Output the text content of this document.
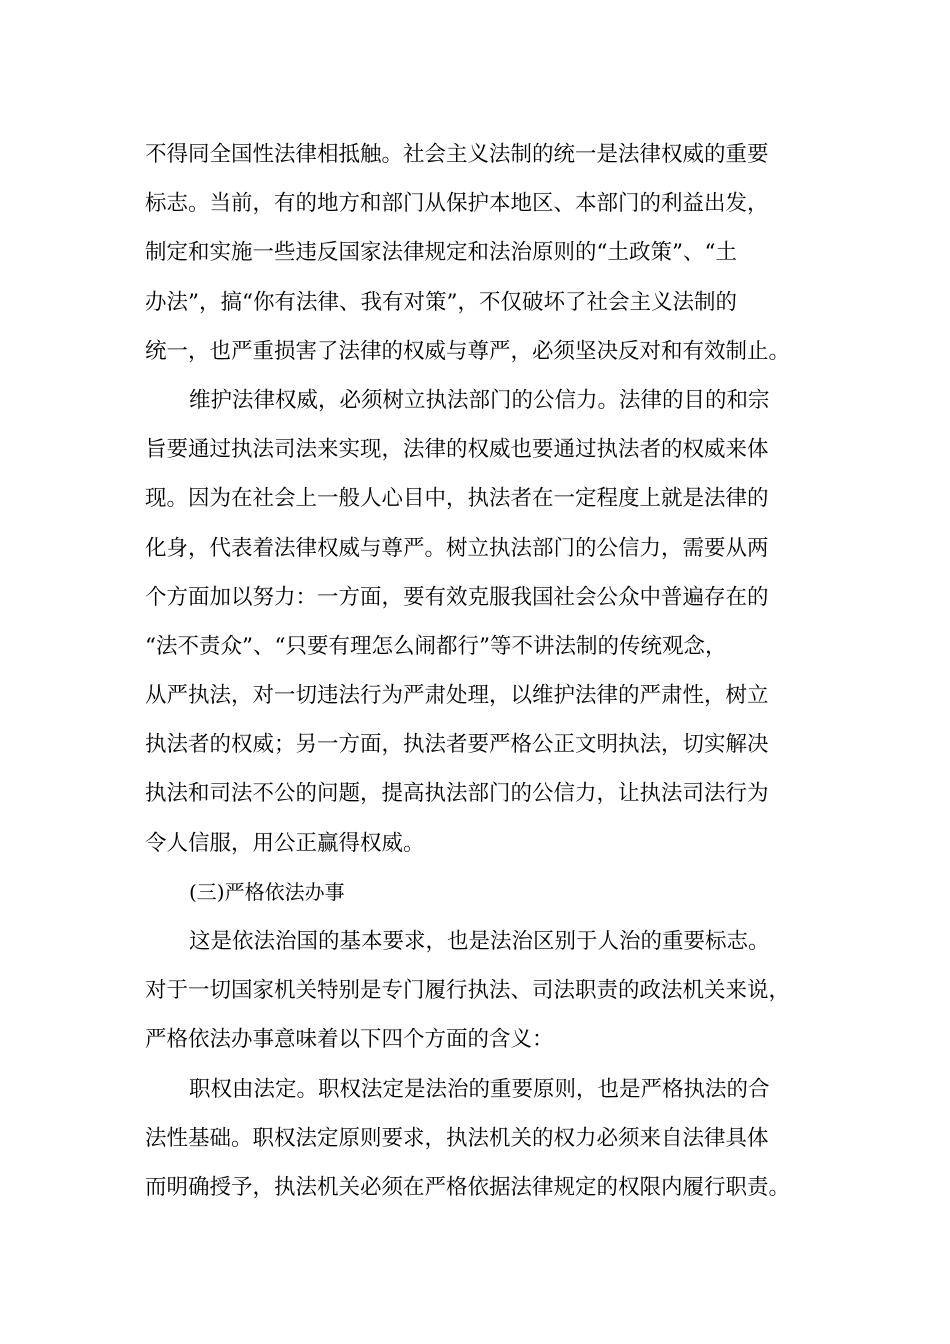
不得同全国性法律相抵触。社会主义法制的统一是法律权威的重要
标志。当前，有的地方和部门从保护本地区、本部门的利益出发，
制定和实施一些违反国家法律规定和法治原则的“土政策”、“土
办法”，搞“你有法律、我有对策”，不仅破坏了社会主义法制的
统一，也严重损害了法律的权威与尊严，必须坚决反对和有效制止。
维护法律权威，必须树立执法部门的公信力。法律的目的和宗
旨要通过执法司法来实现，法律的权威也要通过执法者的权威来体
现。因为在社会上一般人心目中，执法者在一定程度上就是法律的
化身，代表着法律权威与尊严。树立执法部门的公信力，需要从两
个方面加以努力：一方面，要有效克服我国社会公众中普遍存在的
“法不责众”、“只要有理怎么闹都行”等不讲法制的传统观念，
从严执法，对一切违法行为严肃处理，以维护法律的严肃性，树立
执法者的权威；另一方面，执法者要严格公正文明执法，切实解决
执法和司法不公的问题，提高执法部门的公信力，让执法司法行为
令人信服，用公正赢得权威。
(三)严格依法办事
这是依法治国的基本要求，也是法治区别于人治的重要标志。
对于一切国家机关特别是专门履行执法、司法职责的政法机关来说，
严格依法办事意味着以下四个方面的含义：
职权由法定。职权法定是法治的重要原则，也是严格执法的合
法性基础。职权法定原则要求，执法机关的权力必须来自法律具体
而明确授予，执法机关必须在严格依据法律规定的权限内履行职责。
